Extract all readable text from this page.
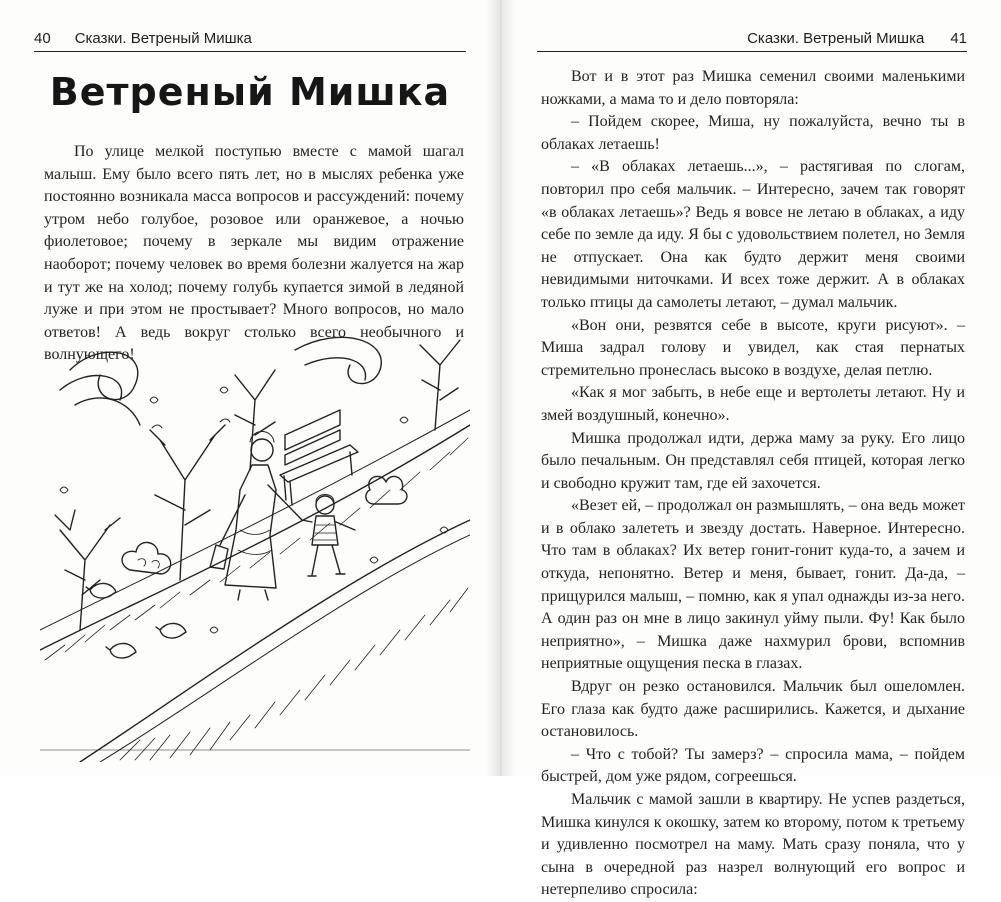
40 Сказки. Ветреный Мишка
Ветреный Мишка

По улице мелкой поступью вместе с мамой шагал малыш. Ему было всего пять лет, но в мыслях ребенка уже постоянно возникала масса вопросов и рассуждений: почему утром небо голубое, розовое или оранжевое, а ночью фиолетовое; почему в зеркале мы видим отражение наоборот; почему человек во время болезни жалуется на жар и тут же на холод; почему голубь купается зимой в ледяной луже и при этом не простывает? Много вопросов, но мало ответов! А ведь вокруг столько всего необычного и волнующего!

Сказки. Ветреный Мишка 41

Вот и в этот раз Мишка семенил своими маленькими ножками, а мама то и дело повторяла:

– Пойдем скорее, Миша, ну пожалуйста, вечно ты в облаках летаешь!

– «В облаках летаешь...», – растягивая по слогам, повторил про себя мальчик. – Интересно, зачем так говорят «в облаках летаешь»? Ведь я вовсе не летаю в облаках, а иду себе по земле да иду. Я бы с удовольствием полетел, но Земля не отпускает. Она как будто держит меня своими невидимыми ниточками. И всех тоже держит. А в облаках только птицы да самолеты летают, – думал мальчик.

«Вон они, резвятся себе в высоте, круги рисуют». – Миша задрал голову и увидел, как стая пернатых стремительно пронеслась высоко в воздухе, делая петлю.

«Как я мог забыть, в небе еще и вертолеты летают. Ну и змей воздушный, конечно».

Мишка продолжал идти, держа маму за руку. Его лицо было печальным. Он представлял себя птицей, которая легко и свободно кружит там, где ей захочется.

«Везет ей, – продолжал он размышлять, – она ведь может и в облако залететь и звезду достать. Наверное. Интересно. Что там в облаках? Их ветер гонит-гонит куда-то, а зачем и откуда, непонятно. Ветер и меня, бывает, гонит. Да-да, – прищурился малыш, – помню, как я упал однажды из-за него. А один раз он мне в лицо закинул уйму пыли. Фу! Как было неприятно», – Мишка даже нахмурил брови, вспомнив неприятные ощущения песка в глазах.

Вдруг он резко остановился. Мальчик был ошеломлен. Его глаза как будто даже расширились. Кажется, и дыхание остановилось.

– Что с тобой? Ты замерз? – спросила мама, – пойдем быстрей, дом уже рядом, согреешься.

Мальчик с мамой зашли в квартиру. Не успев раздеться, Мишка кинулся к окошку, затем ко второму, потом к третьему и удивленно посмотрел на маму. Мать сразу поняла, что у сына в очередной раз назрел волнующий его вопрос и нетерпеливо спросила:
